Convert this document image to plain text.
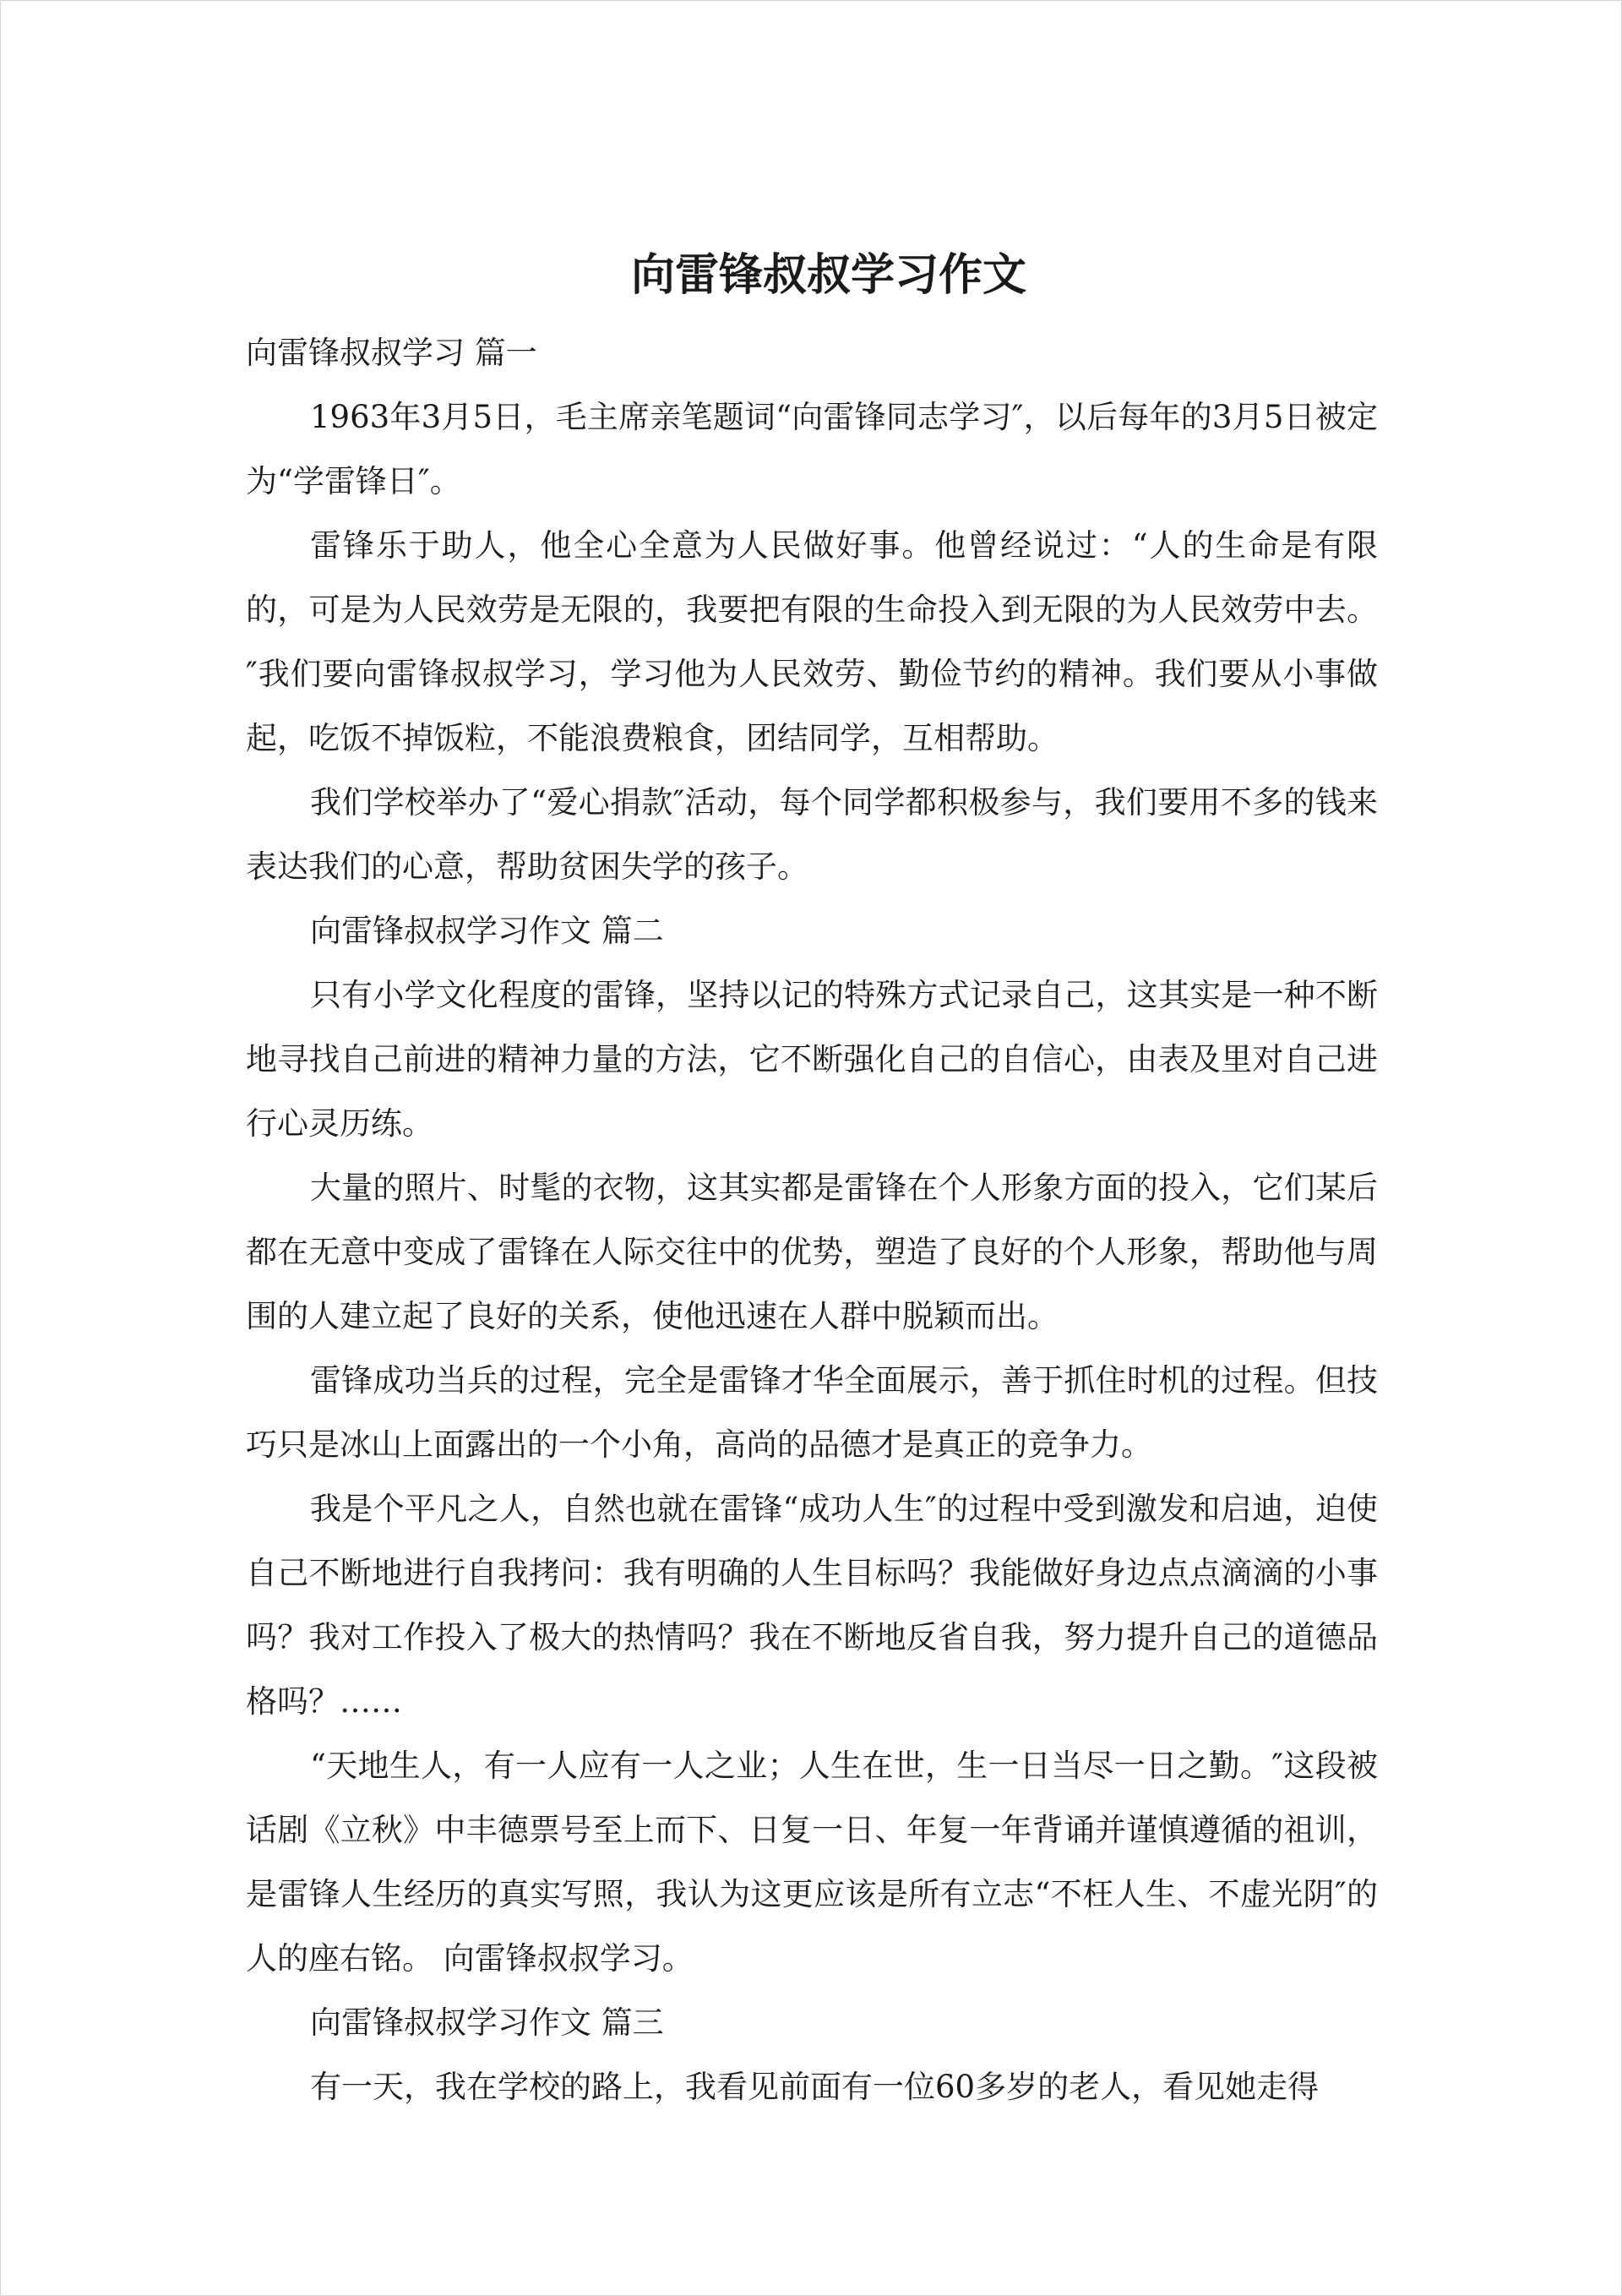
向雷锋叔叔学习作文

向雷锋叔叔学习 篇一

1963年3月5日，毛主席亲笔题词“向雷锋同志学习″，以后每年的3月5日被定为“学雷锋日″。

雷锋乐于助人，他全心全意为人民做好事。他曾经说过：“人的生命是有限的，可是为人民效劳是无限的，我要把有限的生命投入到无限的为人民效劳中去。″我们要向雷锋叔叔学习，学习他为人民效劳、勤俭节约的精神。我们要从小事做起，吃饭不掉饭粒，不能浪费粮食，团结同学，互相帮助。

我们学校举办了“爱心捐款″活动，每个同学都积极参与，我们要用不多的钱来表达我们的心意，帮助贫困失学的孩子。

向雷锋叔叔学习作文 篇二

只有小学文化程度的雷锋，坚持以记的特殊方式记录自己，这其实是一种不断地寻找自己前进的精神力量的方法，它不断强化自己的自信心，由表及里对自己进行心灵历练。

大量的照片、时髦的衣物，这其实都是雷锋在个人形象方面的投入，它们某后都在无意中变成了雷锋在人际交往中的优势，塑造了良好的个人形象，帮助他与周围的人建立起了良好的关系，使他迅速在人群中脱颖而出。

雷锋成功当兵的过程，完全是雷锋才华全面展示，善于抓住时机的过程。但技巧只是冰山上面露出的一个小角，高尚的品德才是真正的竞争力。

我是个平凡之人，自然也就在雷锋“成功人生″的过程中受到激发和启迪，迫使自己不断地进行自我拷问：我有明确的人生目标吗？我能做好身边点点滴滴的小事吗？我对工作投入了极大的热情吗？我在不断地反省自我，努力提升自己的道德品格吗？……

“天地生人，有一人应有一人之业；人生在世，生一日当尽一日之勤。″这段被话剧《立秋》中丰德票号至上而下、日复一日、年复一年背诵并谨慎遵循的祖训，是雷锋人生经历的真实写照，我认为这更应该是所有立志“不枉人生、不虚光阴″的人的座右铭。 向雷锋叔叔学习。

向雷锋叔叔学习作文 篇三

有一天，我在学校的路上，我看见前面有一位60多岁的老人，看见她走得
